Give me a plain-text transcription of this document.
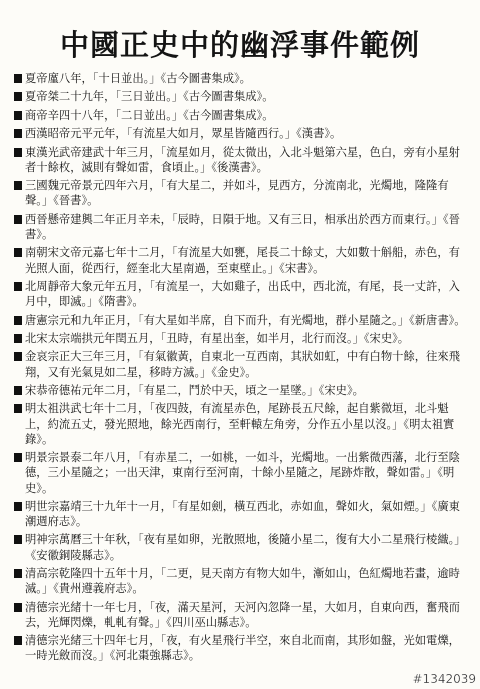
中國正史中的幽浮事件範例
夏帝廑八年，「十日並出。」《古今圖書集成》。
夏帝桀二十九年，「三日並出。」《古今圖書集成》。
商帝辛四十八年，「二日並出。」《古今圖書集成》。
西漢昭帝元平元年，「有流星大如月，眾星皆隨西行。」《漢書》。
東漢光武帝建武十年三月，「流星如月，從太微出，入北斗魁第六星，色白，旁有小星射者十餘枚，滅則有聲如雷，食頃止。」《後漢書》。
三國魏元帝景元四年六月，「有大星二，并如斗，見西方，分流南北，光燭地，隆隆有聲。」《晉書》。
西晉懸帝建興二年正月辛未，「辰時，日隕于地。又有三日，相承出於西方而東行。」《晉書》。
南朝宋文帝元嘉七年十二月，「有流星大如甕，尾長二十餘丈，大如數十斛船，赤色，有光照人面，從西行，經奎北大星南過，至東壁止。」《宋書》。
北周靜帝大象元年五月，「有流星一，大如雞子，出氐中，西北流，有尾，長一丈許，入月中，即滅。」《隋書》。
唐憲宗元和九年正月，「有大星如半席，自下而升，有光燭地，群小星隨之。」《新唐書》。
北宋太宗端拱元年閏五月，「丑時，有星出奎，如半月，北行而沒。」《宋史》。
金哀宗正大三年三月，「有氣徽黃，自東北一互西南，其狀如虹，中有白物十餘，往來飛翔，又有光氣見如二星，移時方滅。」《金史》。
宋恭帝德祐元年二月，「有星二，鬥於中天，頃之一星墜。」《宋史》。
明太祖洪武七年十二月，「夜四鼓，有流星赤色，尾跡長五尺餘，起自紫微垣，北斗魁上，約流五丈，發光照地，餘光西南行，至軒轅左角旁，分作五小星以沒。」《明太祖實錄》。
明景宗景泰二年八月，「有赤星二，一如桃，一如斗，光燭地。一出紫微西藩，北行至陰德，三小星隨之；一出天津，東南行至河南，十餘小星隨之，尾跡炸散，聲如雷。」《明史》。
明世宗嘉靖三十九年十一月，「有星如劍，橫互西北，赤如血，聲如火，氣如煙。」《廣東潮週府志》。
明神宗萬曆三十年秋，「夜有星如卵，光散照地，後隨小星二，復有大小二星飛行棱織。」《安徽銅陵縣志》。
清高宗乾隆四十五年十月，「二更，見天南方有物大如牛，漸如山，色紅燭地若畫，逾時滅。」《貴州遵義府志》。
清德宗光緒十一年七月，「夜，滿天星河，天河內忽降一星，大如月，自東向西，奮飛而去，光輝閃爍，軋軋有聲。」《四川巫山縣志》。
清德宗光緒三十四年七月，「夜，有火星飛行半空，來自北而南，其形如盤，光如電爍，一時光斂而沒。」《河北棗強縣志》。
#1342039
